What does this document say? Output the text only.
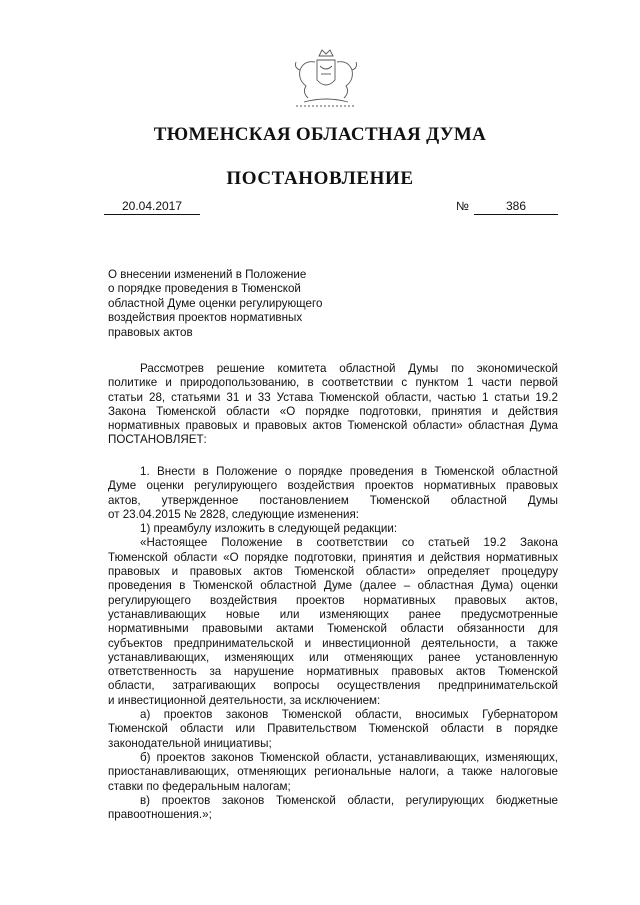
ТЮМЕНСКАЯ ОБЛАСТНАЯ ДУМА
ПОСТАНОВЛЕНИЕ
20.04.2017	№	386
О внесении изменений в Положение
о порядке проведения в Тюменской
областной Думе оценки регулирующего
воздействия проектов нормативных
правовых актов
Рассмотрев решение комитета областной Думы по экономической
политике и природопользованию, в соответствии с пунктом 1 части первой
статьи 28, статьями 31 и 33 Устава Тюменской области, частью 1 статьи 19.2
Закона Тюменской области «О порядке подготовки, принятия и действия
нормативных правовых и правовых актов Тюменской области» областная Дума
ПОСТАНОВЛЯЕТ:
1. Внести в Положение о порядке проведения в Тюменской областной
Думе оценки регулирующего воздействия проектов нормативных правовых
актов, утвержденное постановлением Тюменской областной Думы
от 23.04.2015 № 2828, следующие изменения:
1) преамбулу изложить в следующей редакции:
«Настоящее Положение в соответствии со статьей 19.2 Закона
Тюменской области «О порядке подготовки, принятия и действия нормативных
правовых и правовых актов Тюменской области» определяет процедуру
проведения в Тюменской областной Думе (далее – областная Дума) оценки
регулирующего воздействия проектов нормативных правовых актов,
устанавливающих новые или изменяющих ранее предусмотренные
нормативными правовыми актами Тюменской области обязанности для
субъектов предпринимательской и инвестиционной деятельности, а также
устанавливающих, изменяющих или отменяющих ранее установленную
ответственность за нарушение нормативных правовых актов Тюменской
области, затрагивающих вопросы осуществления предпринимательской
и инвестиционной деятельности, за исключением:
а) проектов законов Тюменской области, вносимых Губернатором
Тюменской области или Правительством Тюменской области в порядке
законодательной инициативы;
б) проектов законов Тюменской области, устанавливающих, изменяющих,
приостанавливающих, отменяющих региональные налоги, а также налоговые
ставки по федеральным налогам;
в) проектов законов Тюменской области, регулирующих бюджетные
правоотношения.»;
